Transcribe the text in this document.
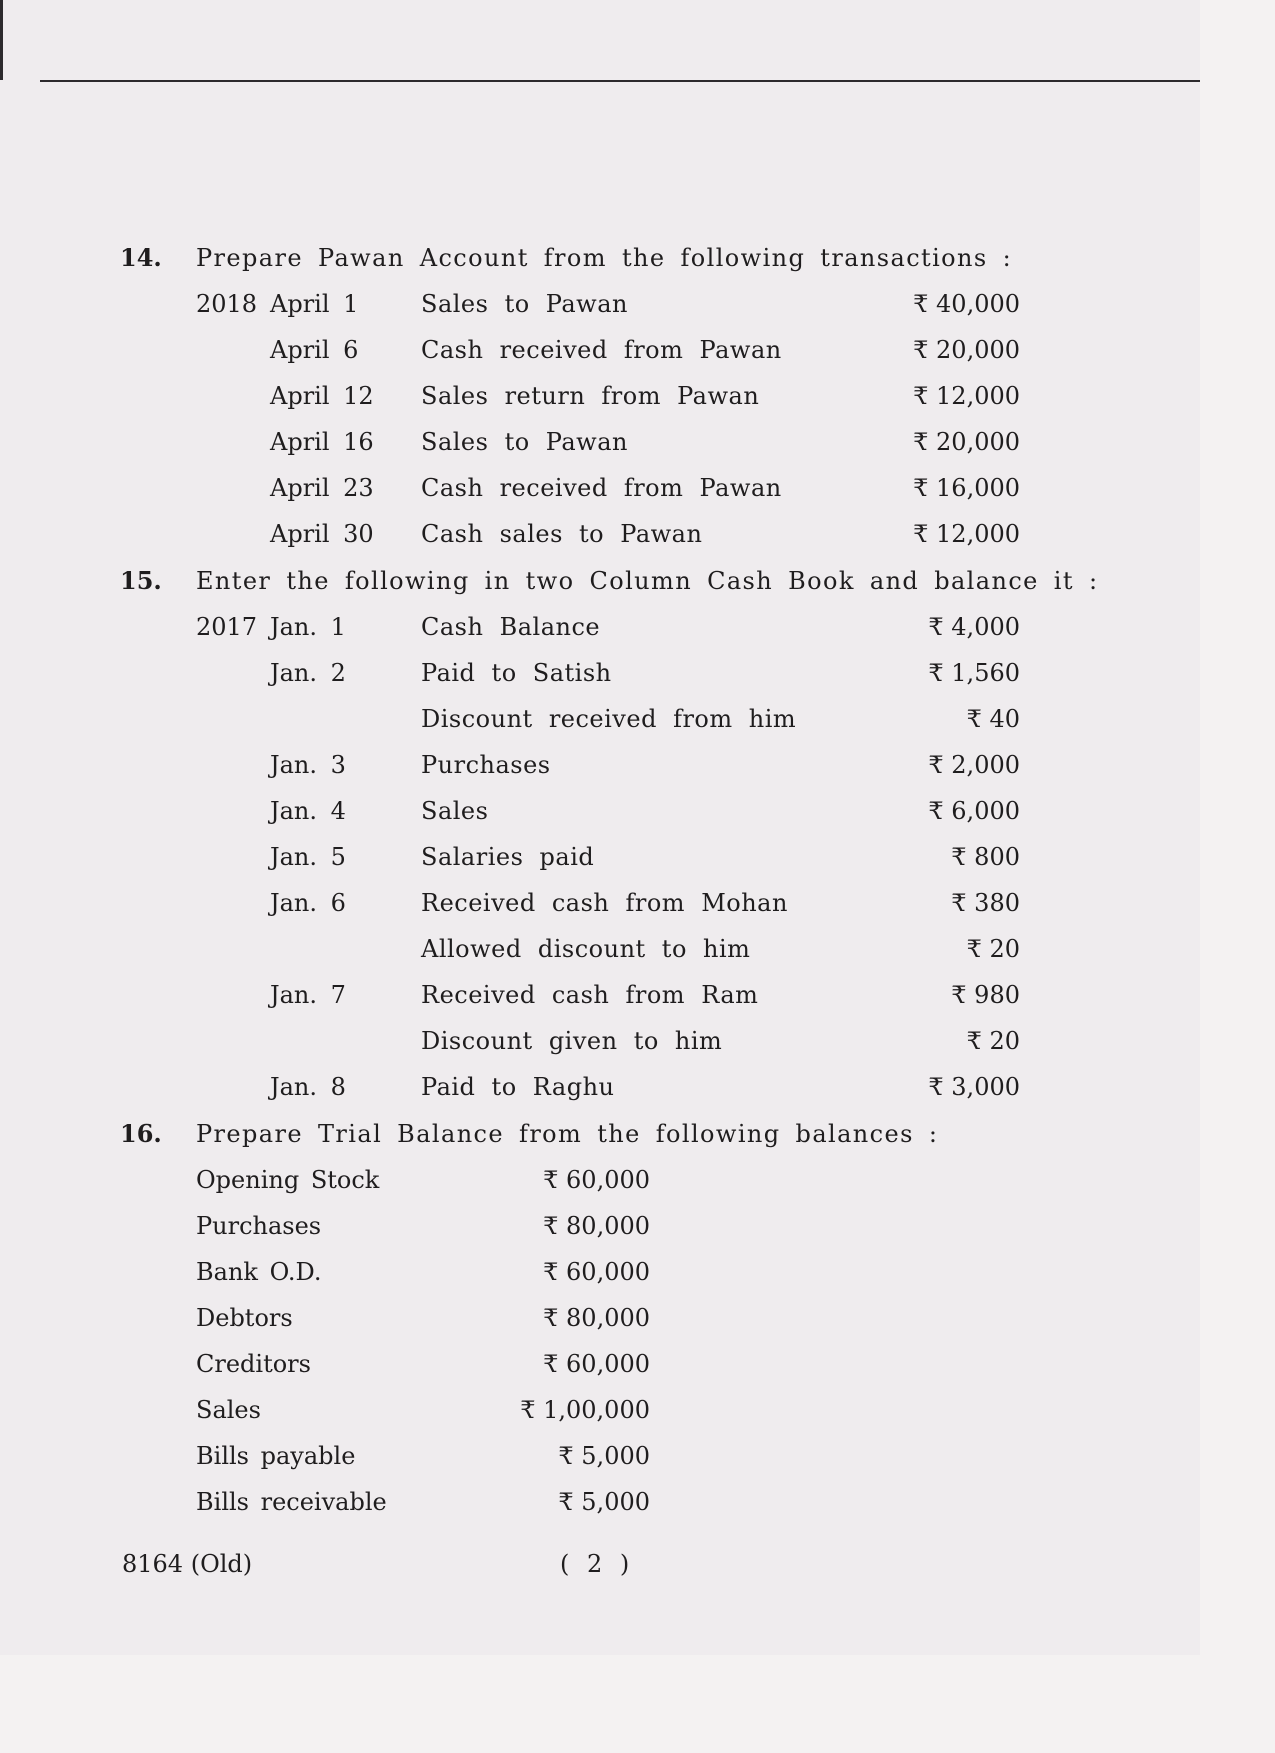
14. Prepare Pawan Account from the following transactions :
2018 April 1	Sales to Pawan	₹ 40,000
April 6	Cash received from Pawan	₹ 20,000
April 12 Sales return from Pawan	₹ 12,000
April 16 Sales to Pawan	₹ 20,000
April 23 Cash received from Pawan	₹ 16,000
April 30 Cash sales to Pawan	₹ 12,000
15. Enter the following in two Column Cash Book and balance it :
2017 Jan. 1	Cash Balance	₹ 4,000
Jan. 2	Paid to Satish	₹ 1,560
Discount received from him	₹ 40
Jan. 3	Purchases	₹ 2,000
Jan. 4	Sales	₹ 6,000
Jan. 5	Salaries paid	₹ 800
Jan. 6	Received cash from Mohan	₹ 380
Allowed discount to him	₹ 20
Jan. 7	Received cash from Ram	₹ 980
Discount given to him	₹ 20
Jan. 8	Paid to Raghu	₹ 3,000
16. Prepare Trial Balance from the following balances :
Opening Stock	₹ 60,000
Purchases	₹ 80,000
Bank O.D.	₹ 60,000
Debtors	₹ 80,000
Creditors	₹ 60,000
Sales	₹ 1,00,000
Bills payable	₹ 5,000
Bills receivable	₹ 5,000
8164 (Old)	( 2 )
